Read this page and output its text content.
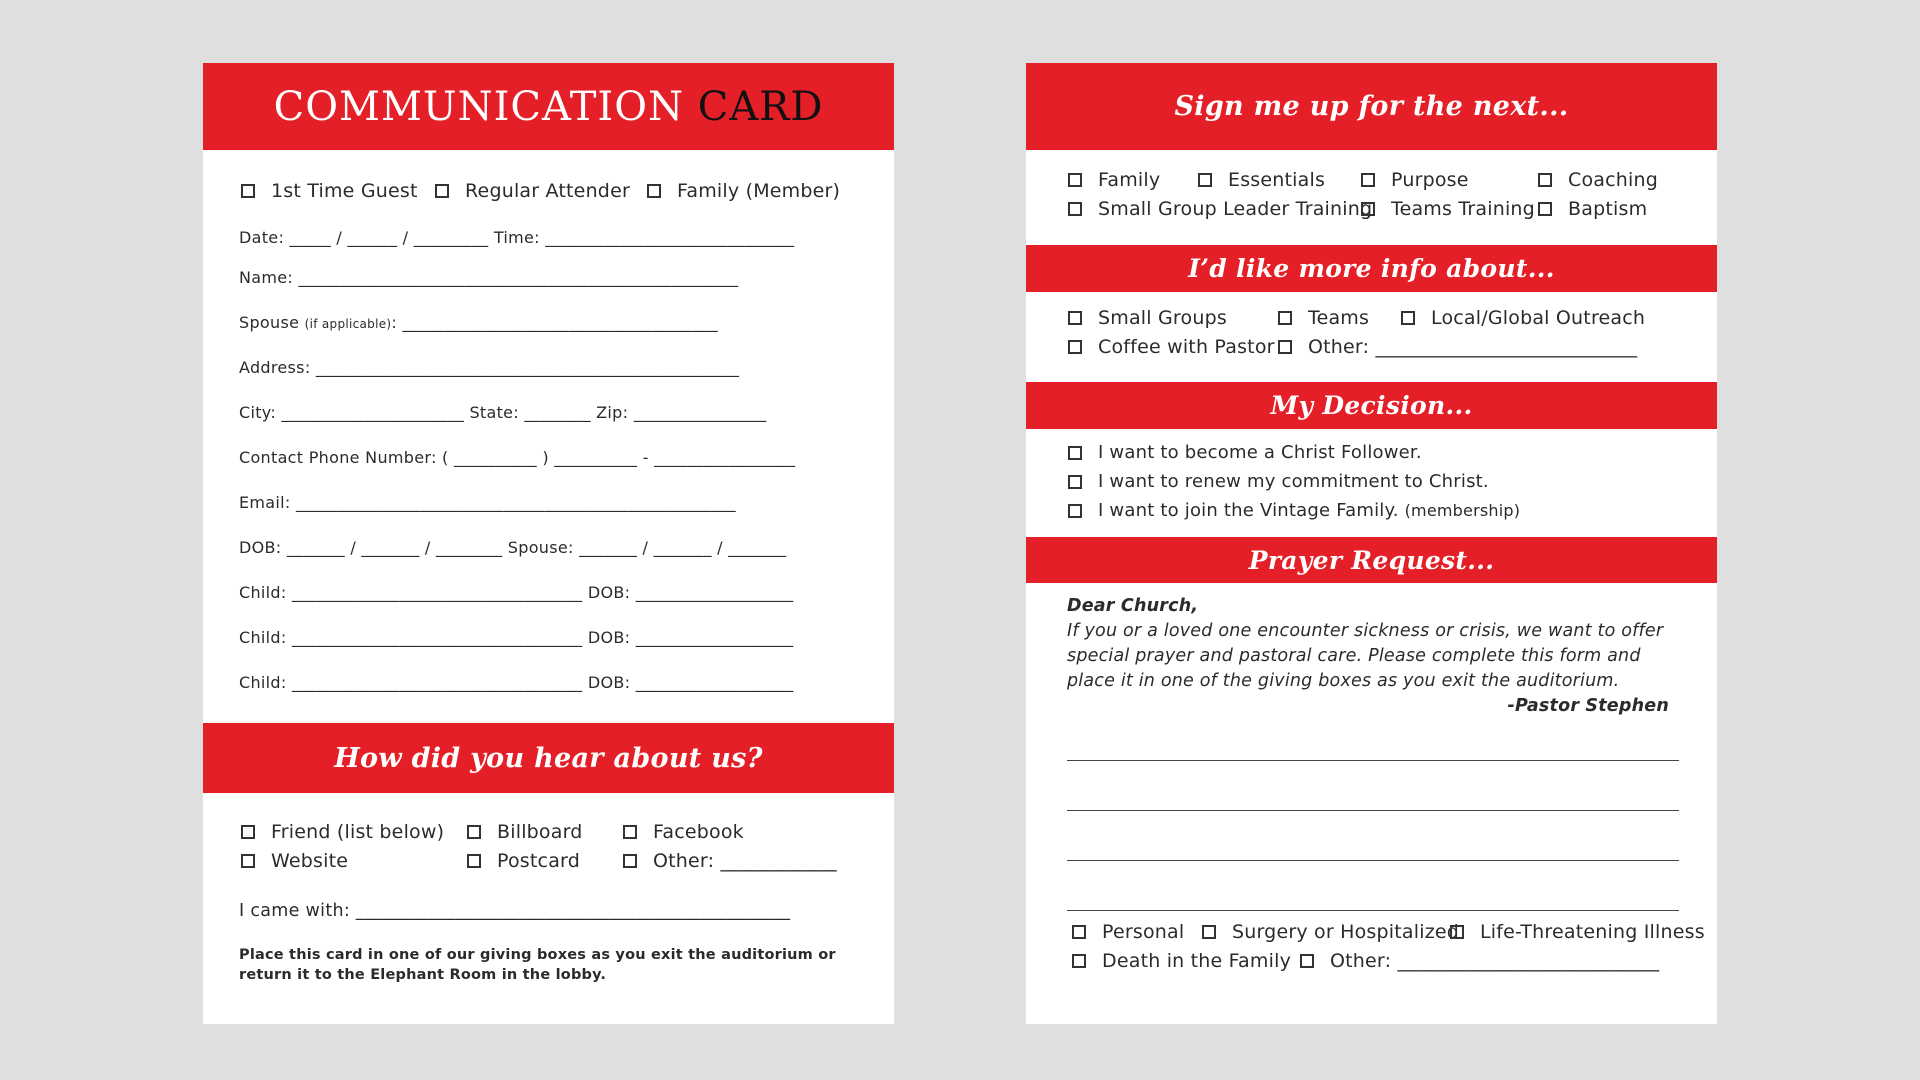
COMMUNICATION CARD
1st Time Guest Regular Attender Family (Member)
Date: _____ / ______ / _________ Time: ______________________________
Name: _____________________________________________________
Spouse (if applicable): ______________________________________
Address: ___________________________________________________
City: ______________________ State: ________ Zip: ________________
Contact Phone Number: ( __________ ) __________ - _________________
Email: _____________________________________________________
DOB: _______ / _______ / ________ Spouse: _______ / _______ / _______
Child: ___________________________________ DOB: ___________________
Child: ___________________________________ DOB: ___________________
Child: ___________________________________ DOB: ___________________
How did you hear about us?
Friend (list below)	Billboard	Facebook
Website	Postcard	Other: ____________
I came with: ________________________________________________
Place this card in one of our giving boxes as you exit the auditorium or return it to the Elephant Room in the lobby.
Sign me up for the next...
Family	Essentials	Purpose	Coaching
Small Group Leader Training Teams Training Baptism
I’d like more info about...
Small Groups	Teams	Local/Global Outreach
Coffee with Pastor Other: ___________________________
My Decision...
I want to become a Christ Follower.
I want to renew my commitment to Christ.
I want to join the Vintage Family.
(membership)
Prayer Request...
Dear Church,
If you or a loved one encounter sickness or crisis, we want to offer special prayer and pastoral care. Please complete this form and place it in one of the giving boxes as you exit the auditorium.
-Pastor Stephen
Personal	Surgery or Hospitalized Life-Threatening Illness
Death in the Family Other: ___________________________
